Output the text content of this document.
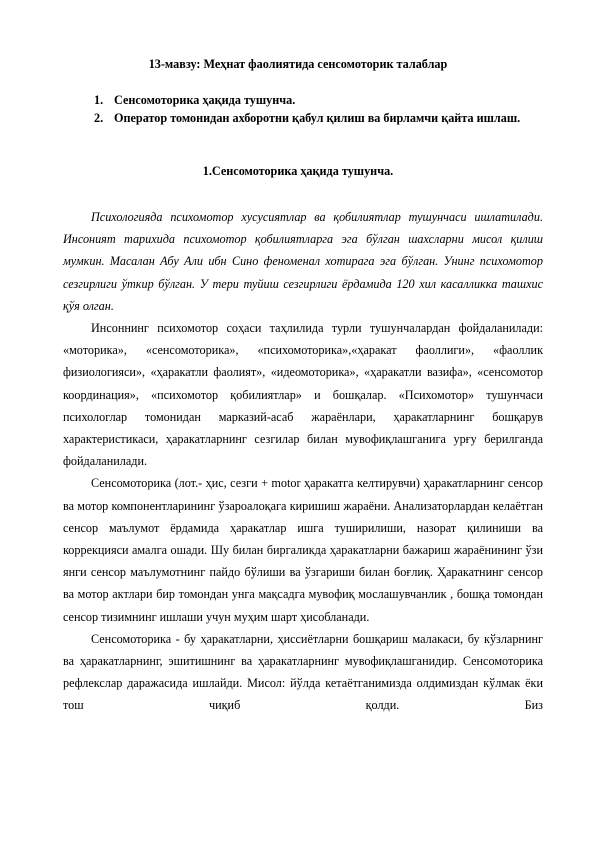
13-мавзу: Меҳнат фаолиятида сенсомоторик талаблар
1. Сенсомоторика ҳақида тушунча.
2. Оператор томонидан ахборотни қабул қилиш ва бирламчи қайта ишлаш.
1.Сенсомоторика ҳақида тушунча.

Психологияда психомотор хусусиятлар ва қобилиятлар тушунчаси ишлатилади. Инсоният тарихида психомотор қобилиятларга эга бўлган шахсларни мисол қилиш мумкин. Масалан Абу Али ибн Сино феноменал хотирага эга бўлган. Унинг психомотор сезгирлиги ўткир бўлган. У тери туйиш сезгирлиги ёрдамида 120 хил касалликка ташхис қўя олган.

Инсоннинг психомотор соҳаси таҳлилида турли тушунчалардан фойдаланилади: «моторика», «сенсомоторика», «психомоторика»,«ҳаракат фаоллиги», «фаоллик физиологияси», «ҳаракатли фаолият», «идеомоторика», «ҳаракатли вазифа», «сенсомотор координация», «психомотор қобилиятлар» и бошқалар. «Психомотор» тушунчаси психологлар томонидан марказий-асаб жараёнлари, ҳаракатларнинг бошқарув характеристикаси, ҳаракатларнинг сезгилар билан мувофиқлашганига урғу берилганда фойдаланилади.

Сенсомоторика (лот.- ҳис, сезги + motor ҳаракатга келтирувчи) ҳаракатларнинг сенсор ва мотор компонентларининг ўзароалоқага киришиш жараёни. Анализаторлардан келаётган сенсор маълумот ёрдамида ҳаракатлар ишга туширилиши, назорат қилиниши ва коррекцияси амалга ошади. Шу билан биргаликда ҳаракатларни бажариш жараёнининг ўзи янги сенсор маълумотнинг пайдо бўлиши ва ўзгариши билан боғлиқ. Ҳаракатнинг сенсор ва мотор актлари бир томондан унга мақсадга мувофиқ мослашувчанлик , бошқа томондан сенсор тизимнинг ишлаши учун муҳим шарт ҳисобланади.

Сенсомоторика - бу ҳаракатларни, ҳиссиётларни бошқариш малакаси, бу кўзларнинг ва ҳаракатларнинг, эшитишнинг ва ҳаракатларнинг мувофиқлашганидир. Сенсомоторика рефлекслар даражасида ишлайди. Мисол: йўлда кетаётганимизда олдимиздан кўлмак ёки тош чиқиб қолди. Биз
